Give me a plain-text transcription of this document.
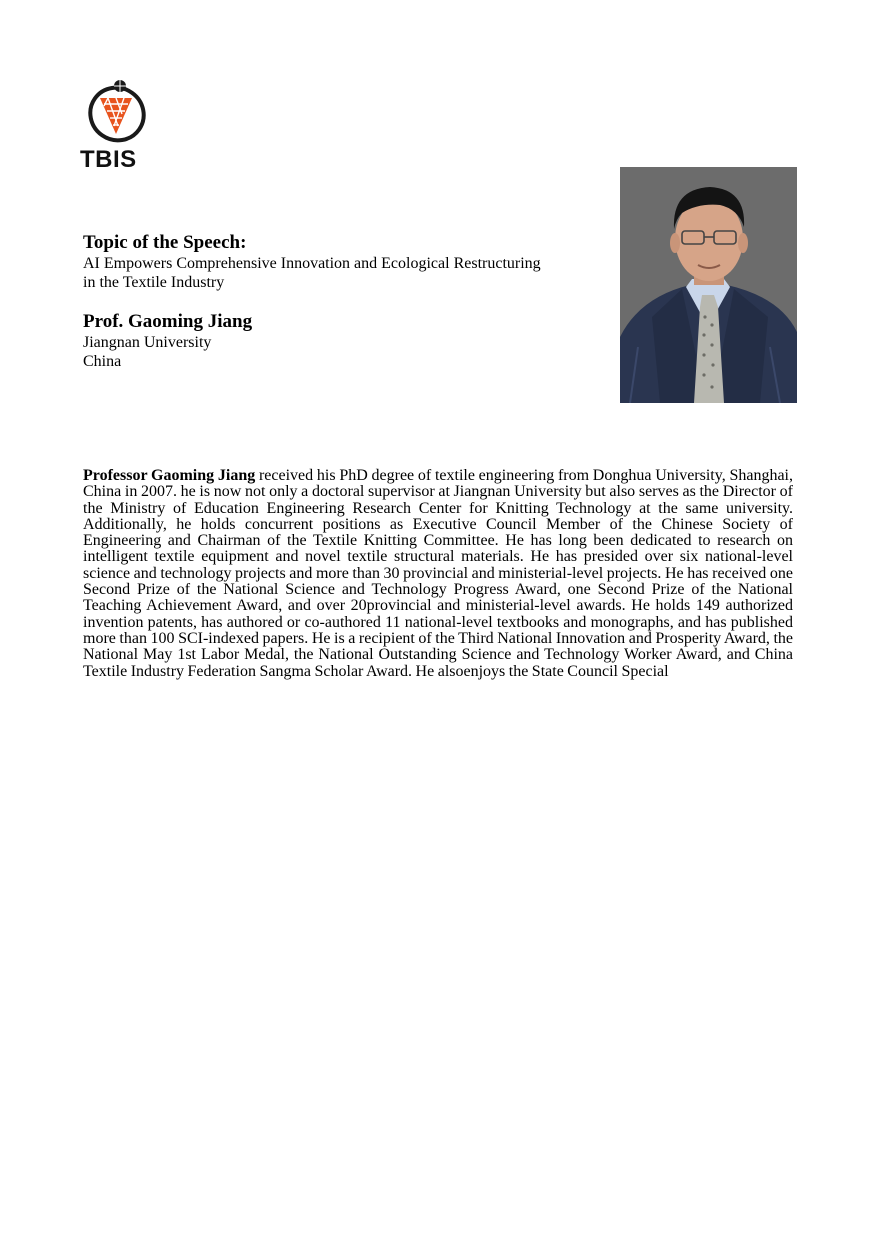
TBIS
Topic of the Speech:
AI Empowers Comprehensive Innovation and Ecological Restructuring
in the Textile Industry
Prof. Gaoming Jiang
Jiangnan University
China
Professor Gaoming Jiang received his PhD degree of textile engineering from Donghua University, Shanghai, China in 2007. he is now not only a doctoral supervisor at Jiangnan University but also serves as the Director of the Ministry of Education Engineering Research Center for Knitting Technology at the same university. Additionally, he holds concurrent positions as Executive Council Member of the Chinese Society of Engineering and Chairman of the Textile Knitting Committee. He has long been dedicated to research on intelligent textile equipment and novel textile structural materials. He has presided over six national-level science and technology projects and more than 30 provincial and ministerial-level projects. He has received one Second Prize of the National Science and Technology Progress Award, one Second Prize of the National Teaching Achievement Award, and over 20provincial and ministerial-level awards. He holds 149 authorized invention patents, has authored or co-authored 11 national-level textbooks and monographs, and has published more than 100 SCI-indexed papers. He is a recipient of the Third National Innovation and Prosperity Award, the National May 1st Labor Medal, the National Outstanding Science and Technology Worker Award, and China Textile Industry Federation Sangma Scholar Award. He alsoenjoys the State Council Special
